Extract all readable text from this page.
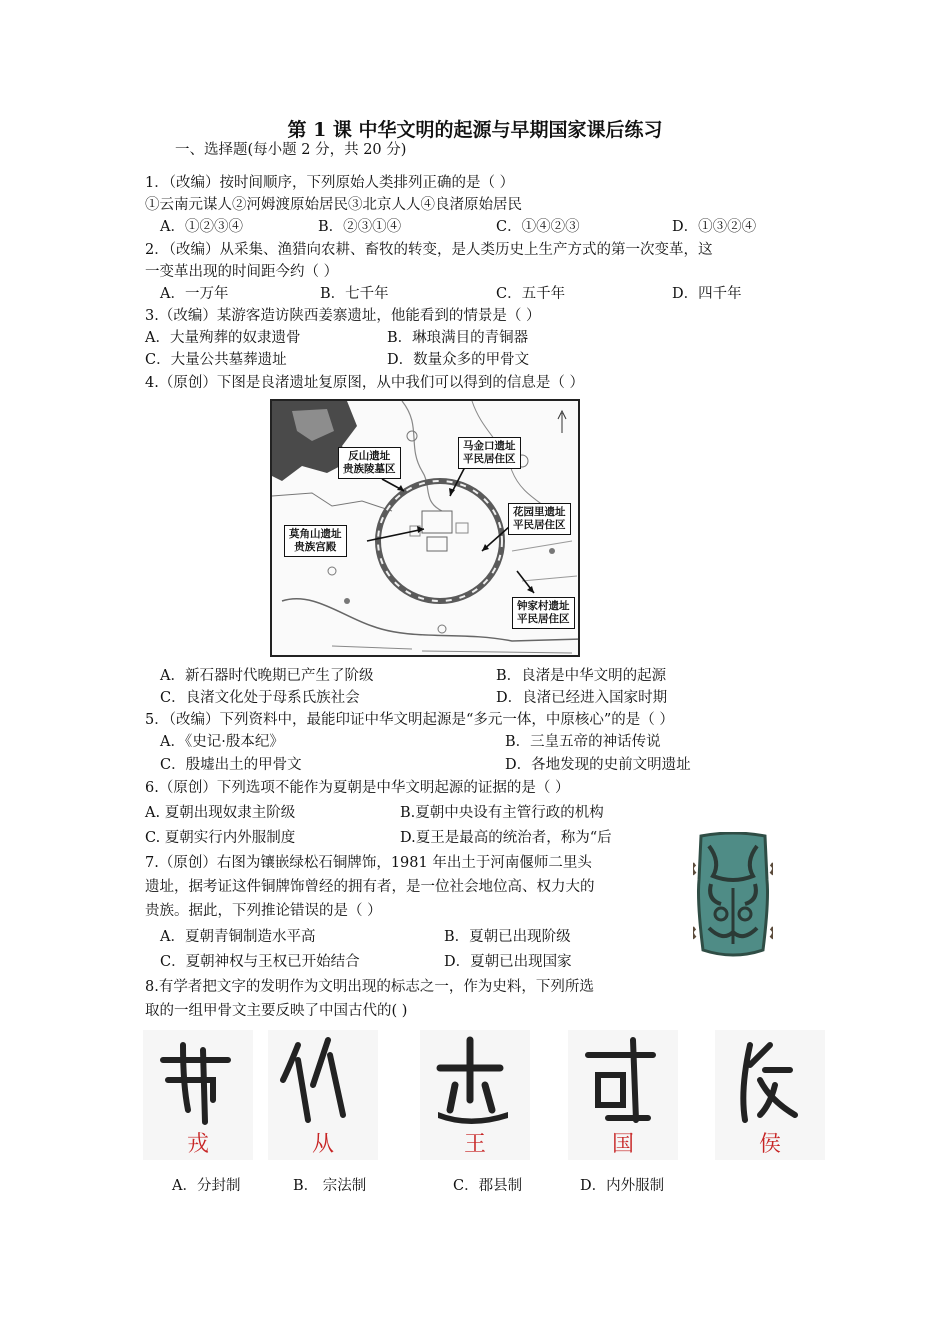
第 1 课 中华文明的起源与早期国家课后练习
一、选择题(每小题 2 分，共 20 分)
1．（改编）按时间顺序，下列原始人类排列正确的是（ ）
①云南元谋人②河姆渡原始居民③北京人人④良渚原始居民
A．①②③④	B．②③①④	C．①④②③	D．①③②④
2．（改编）从采集、渔猎向农耕、畜牧的转变，是人类历史上生产方式的第一次变革，这
一变革出现的时间距今约（ ）
A．一万年	B．七千年	C．五千年	D．四千年
3.（改编）某游客造访陕西姜寨遗址，他能看到的情景是（ ）
A．大量殉葬的奴隶遗骨	B．琳琅满目的青铜器
C．大量公共墓葬遗址	D．数量众多的甲骨文
4.（原创）下图是良渚遗址复原图，从中我们可以得到的信息是（ ）
反山遗址
贵族陵墓区
马金口遗址
平民居住区
花园里遗址
平民居住区
莫角山遗址
贵族宫殿
钟家村遗址
平民居住区
A．新石器时代晚期已产生了阶级	B．良渚是中华文明的起源
C．良渚文化处于母系氏族社会	D．良渚已经进入国家时期
5．（改编）下列资料中，最能印证中华文明起源是“多元一体，中原核心”的是（ ）
A．《史记·殷本纪》	B．三皇五帝的神话传说
C．殷墟出土的甲骨文	D．各地发现的史前文明遗址
6.（原创）下列选项不能作为夏朝是中华文明起源的证据的是（ ）
A. 夏朝出现奴隶主阶级	B.夏朝中央设有主管行政的机构
C. 夏朝实行内外服制度	D.夏王是最高的统治者，称为“后
7.（原创）右图为镶嵌绿松石铜牌饰，1981 年出土于河南偃师二里头
遗址，据考证这件铜牌饰曾经的拥有者，是一位社会地位高、权力大的
贵族。据此，下列推论错误的是（ ）
A．夏朝青铜制造水平高	B．夏朝已出现阶级
C．夏朝神权与王权已开始结合	D．夏朝已出现国家
8.有学者把文字的发明作为文明出现的标志之一，作为史料，下列所选
取的一组甲骨文主要反映了中国古代的( )
戎	从	王	国	侯
A．分封制	B． 宗法制	C．郡县制	D．内外服制
